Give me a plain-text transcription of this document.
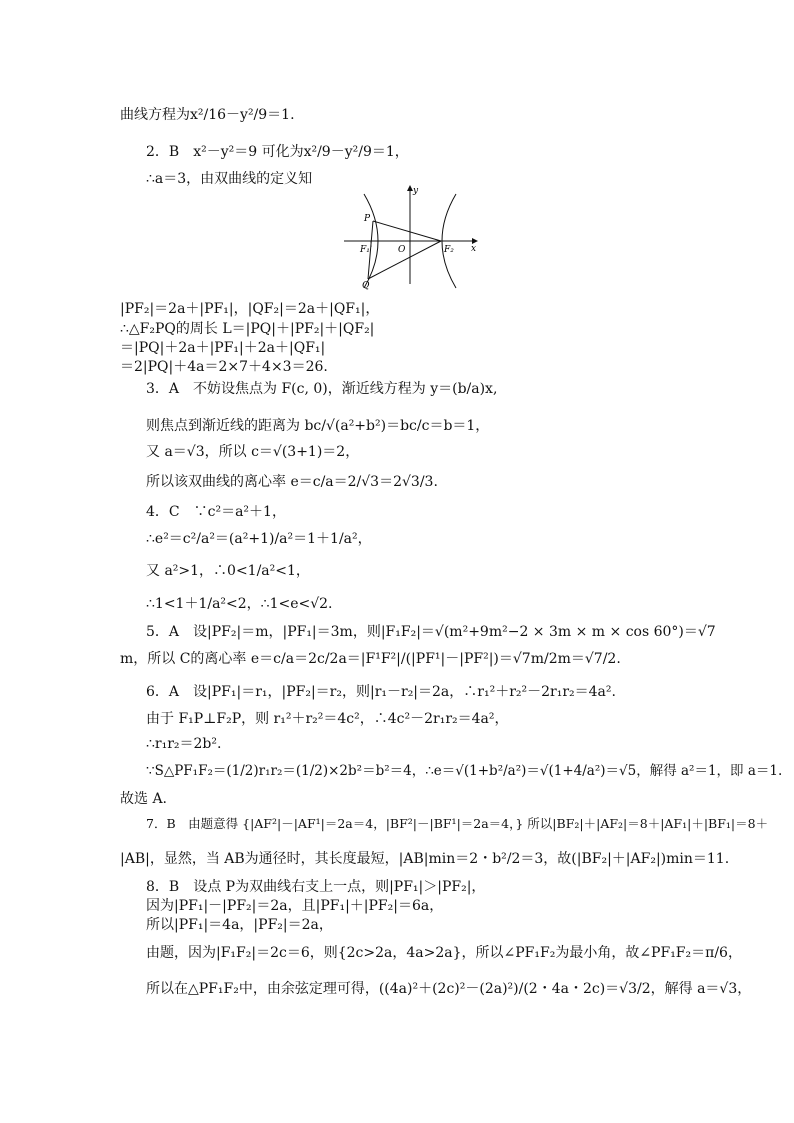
曲线方程为x²/16－y²/9＝1.
2．B　x²－y²＝9 可化为x²/9－y²/9＝1，
∴a＝3，由双曲线的定义知
y
x
P
F₁	O	F₂
Q
|PF₂|＝2a＋|PF₁|，|QF₂|＝2a＋|QF₁|，
∴△F₂PQ的周长 L＝|PQ|＋|PF₂|＋|QF₂|
＝|PQ|＋2a＋|PF₁|＋2a＋|QF₁|
＝2|PQ|＋4a＝2×7＋4×3＝26.
3．A　不妨设焦点为 F(c, 0)，渐近线方程为 y＝(b/a)x,
则焦点到渐近线的距离为 bc/√(a²+b²)＝bc/c＝b＝1，
又 a＝√3，所以 c＝√(3+1)＝2，
所以该双曲线的离心率 e＝c/a＝2/√3＝2√3/3.
4．C　∵c²＝a²＋1，
∴e²＝c²/a²＝(a²+1)/a²＝1＋1/a²，
又 a²>1，∴0<1/a²<1，
∴1<1＋1/a²<2，∴1<e<√2.
5．A　设|PF₂|＝m，|PF₁|＝3m，则|F₁F₂|＝√(m²+9m²−2 × 3m × m × cos 60°)＝√7
m，所以 C的离心率 e＝c/a＝2c/2a＝|F¹F²|/(|PF¹|－|PF²|)＝√7m/2m＝√7/2.
6．A　设|PF₁|＝r₁，|PF₂|＝r₂，则|r₁－r₂|＝2a，∴r₁²＋r₂²－2r₁r₂＝4a².
由于 F₁P⊥F₂P，则 r₁²＋r₂²＝4c²，∴4c²－2r₁r₂＝4a²，
∴r₁r₂＝2b².
∵S△PF₁F₂＝(1/2)r₁r₂＝(1/2)×2b²＝b²＝4，∴e＝√(1+b²/a²)＝√(1+4/a²)＝√5，解得 a²＝1，即 a＝1.
故选 A.
7．B　由题意得 {|AF²|－|AF¹|＝2a＝4，|BF²|－|BF¹|＝2a＝4，} 所以|BF₂|＋|AF₂|＝8＋|AF₁|＋|BF₁|＝8＋
|AB|，显然，当 AB为通径时，其长度最短，|AB|min＝2・b²/2＝3，故(|BF₂|＋|AF₂|)min＝11.
8．B　设点 P为双曲线右支上一点，则|PF₁|＞|PF₂|，
因为|PF₁|－|PF₂|＝2a，且|PF₁|＋|PF₂|＝6a，
所以|PF₁|＝4a，|PF₂|＝2a，
由题，因为|F₁F₂|＝2c＝6，则{2c>2a，4a>2a}，所以∠PF₁F₂为最小角，故∠PF₁F₂＝π/6，
所以在△PF₁F₂中，由余弦定理可得，((4a)²＋(2c)²－(2a)²)/(2・4a・2c)＝√3/2，解得 a＝√3，
